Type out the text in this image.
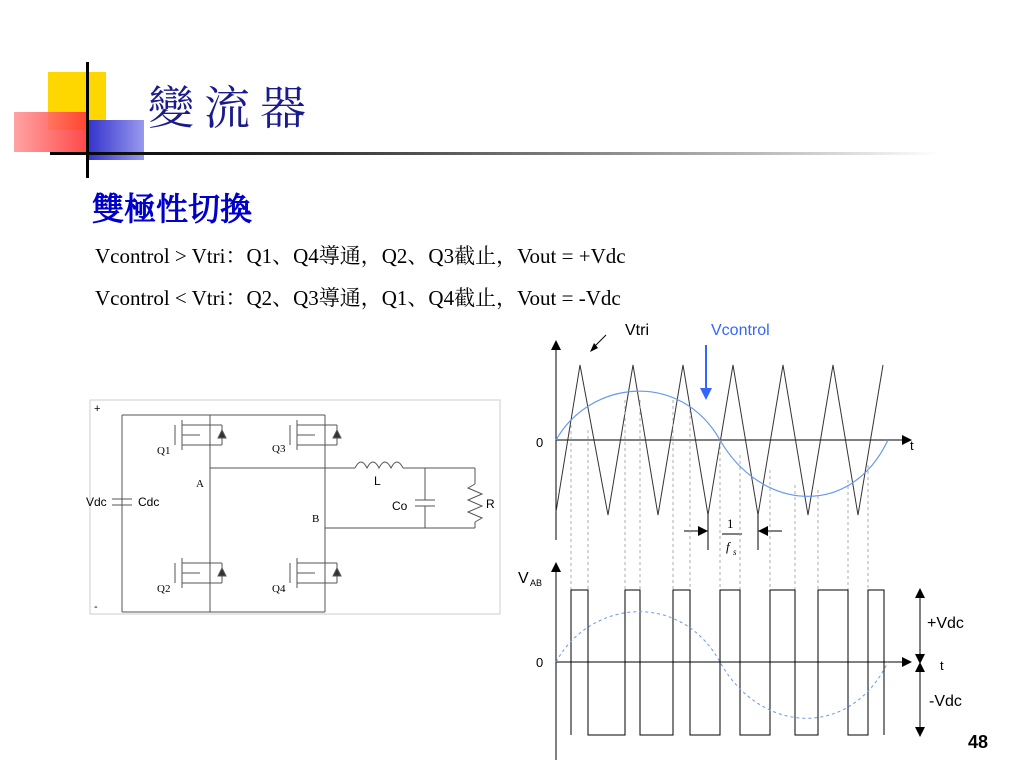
變流器
雙極性切換
Vcontrol > Vtri：Q1、Q4導通，Q2、Q3截止，Vout = +Vdc
Vcontrol < Vtri：Q2、Q3導通，Q1、Q4截止，Vout = -Vdc
48
+
-
Vdc	Cdc
Q1	Q3
Q2	Q4
A
B
L
Co	R
Vtri	Vcontrol
0	t
1
f s
V AB
0	t
+Vdc
-Vdc
